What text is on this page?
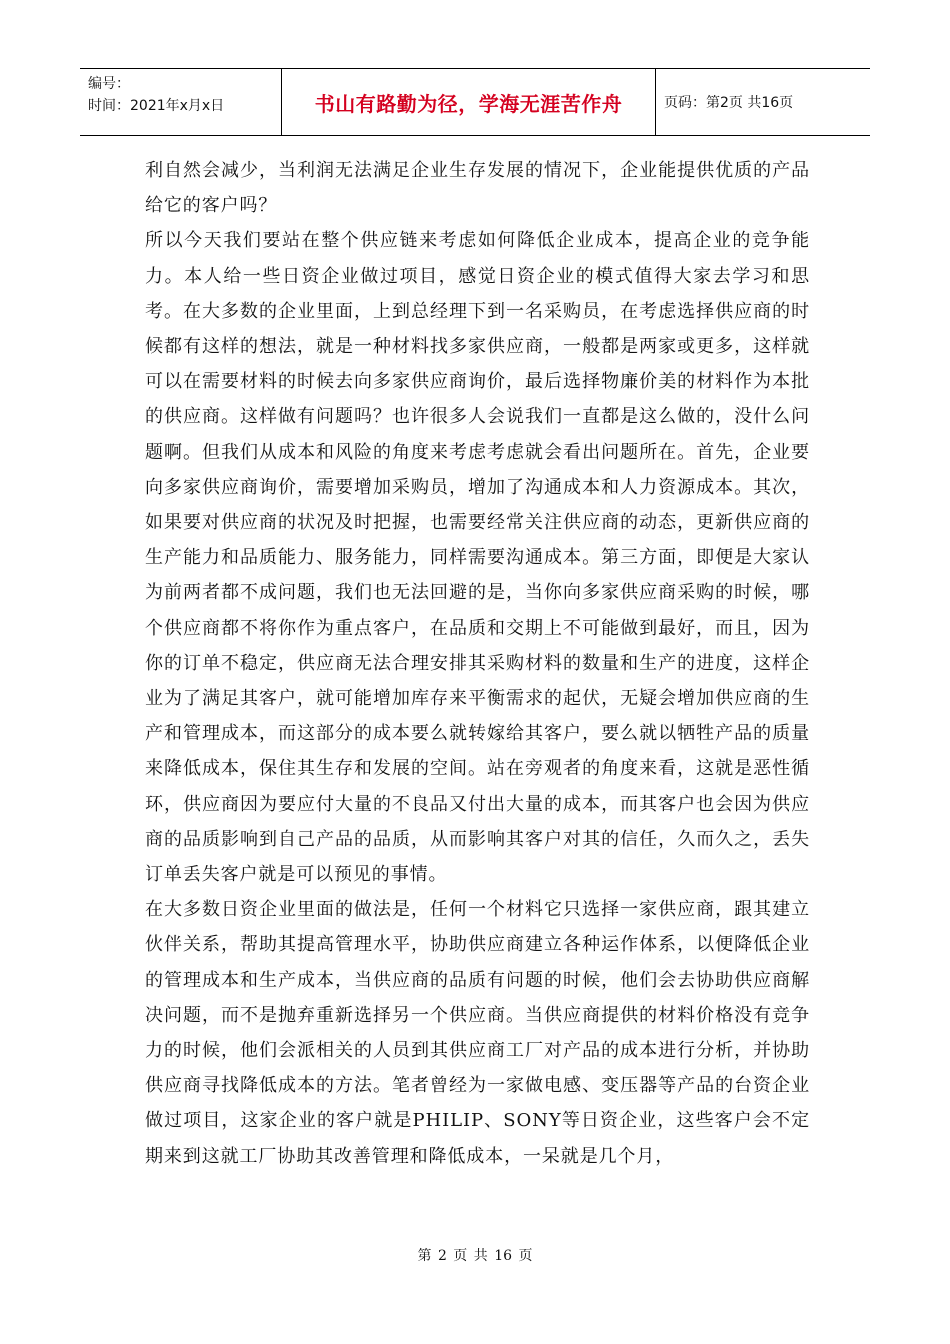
编号：
时间：2021年x月x日	书山有路勤为径，学海无涯苦作舟	页码：第2页 共16页

利自然会减少，当利润无法满足企业生存发展的情况下，企业能提供优质的产品给它的客户吗？

所以今天我们要站在整个供应链来考虑如何降低企业成本，提高企业的竞争能力。本人给一些日资企业做过项目，感觉日资企业的模式值得大家去学习和思考。在大多数的企业里面，上到总经理下到一名采购员，在考虑选择供应商的时候都有这样的想法，就是一种材料找多家供应商，一般都是两家或更多，这样就可以在需要材料的时候去向多家供应商询价，最后选择物廉价美的材料作为本批的供应商。这样做有问题吗？也许很多人会说我们一直都是这么做的，没什么问题啊。但我们从成本和风险的角度来考虑考虑就会看出问题所在。首先，企业要向多家供应商询价，需要增加采购员，增加了沟通成本和人力资源成本。其次，如果要对供应商的状况及时把握，也需要经常关注供应商的动态，更新供应商的生产能力和品质能力、服务能力，同样需要沟通成本。第三方面，即便是大家认为前两者都不成问题，我们也无法回避的是，当你向多家供应商采购的时候，哪个供应商都不将你作为重点客户，在品质和交期上不可能做到最好，而且，因为你的订单不稳定，供应商无法合理安排其采购材料的数量和生产的进度，这样企业为了满足其客户，就可能增加库存来平衡需求的起伏，无疑会增加供应商的生产和管理成本，而这部分的成本要么就转嫁给其客户，要么就以牺牲产品的质量来降低成本，保住其生存和发展的空间。站在旁观者的角度来看，这就是恶性循环，供应商因为要应付大量的不良品又付出大量的成本，而其客户也会因为供应商的品质影响到自己产品的品质，从而影响其客户对其的信任，久而久之，丢失订单丢失客户就是可以预见的事情。

在大多数日资企业里面的做法是，任何一个材料它只选择一家供应商，跟其建立伙伴关系，帮助其提高管理水平，协助供应商建立各种运作体系，以便降低企业的管理成本和生产成本，当供应商的品质有问题的时候，他们会去协助供应商解决问题，而不是抛弃重新选择另一个供应商。当供应商提供的材料价格没有竞争力的时候，他们会派相关的人员到其供应商工厂对产品的成本进行分析，并协助供应商寻找降低成本的方法。笔者曾经为一家做电感、变压器等产品的台资企业做过项目，这家企业的客户就是PHILIP、SONY等日资企业，这些客户会不定期来到这就工厂协助其改善管理和降低成本，一呆就是几个月，

第 2 页 共 16 页
